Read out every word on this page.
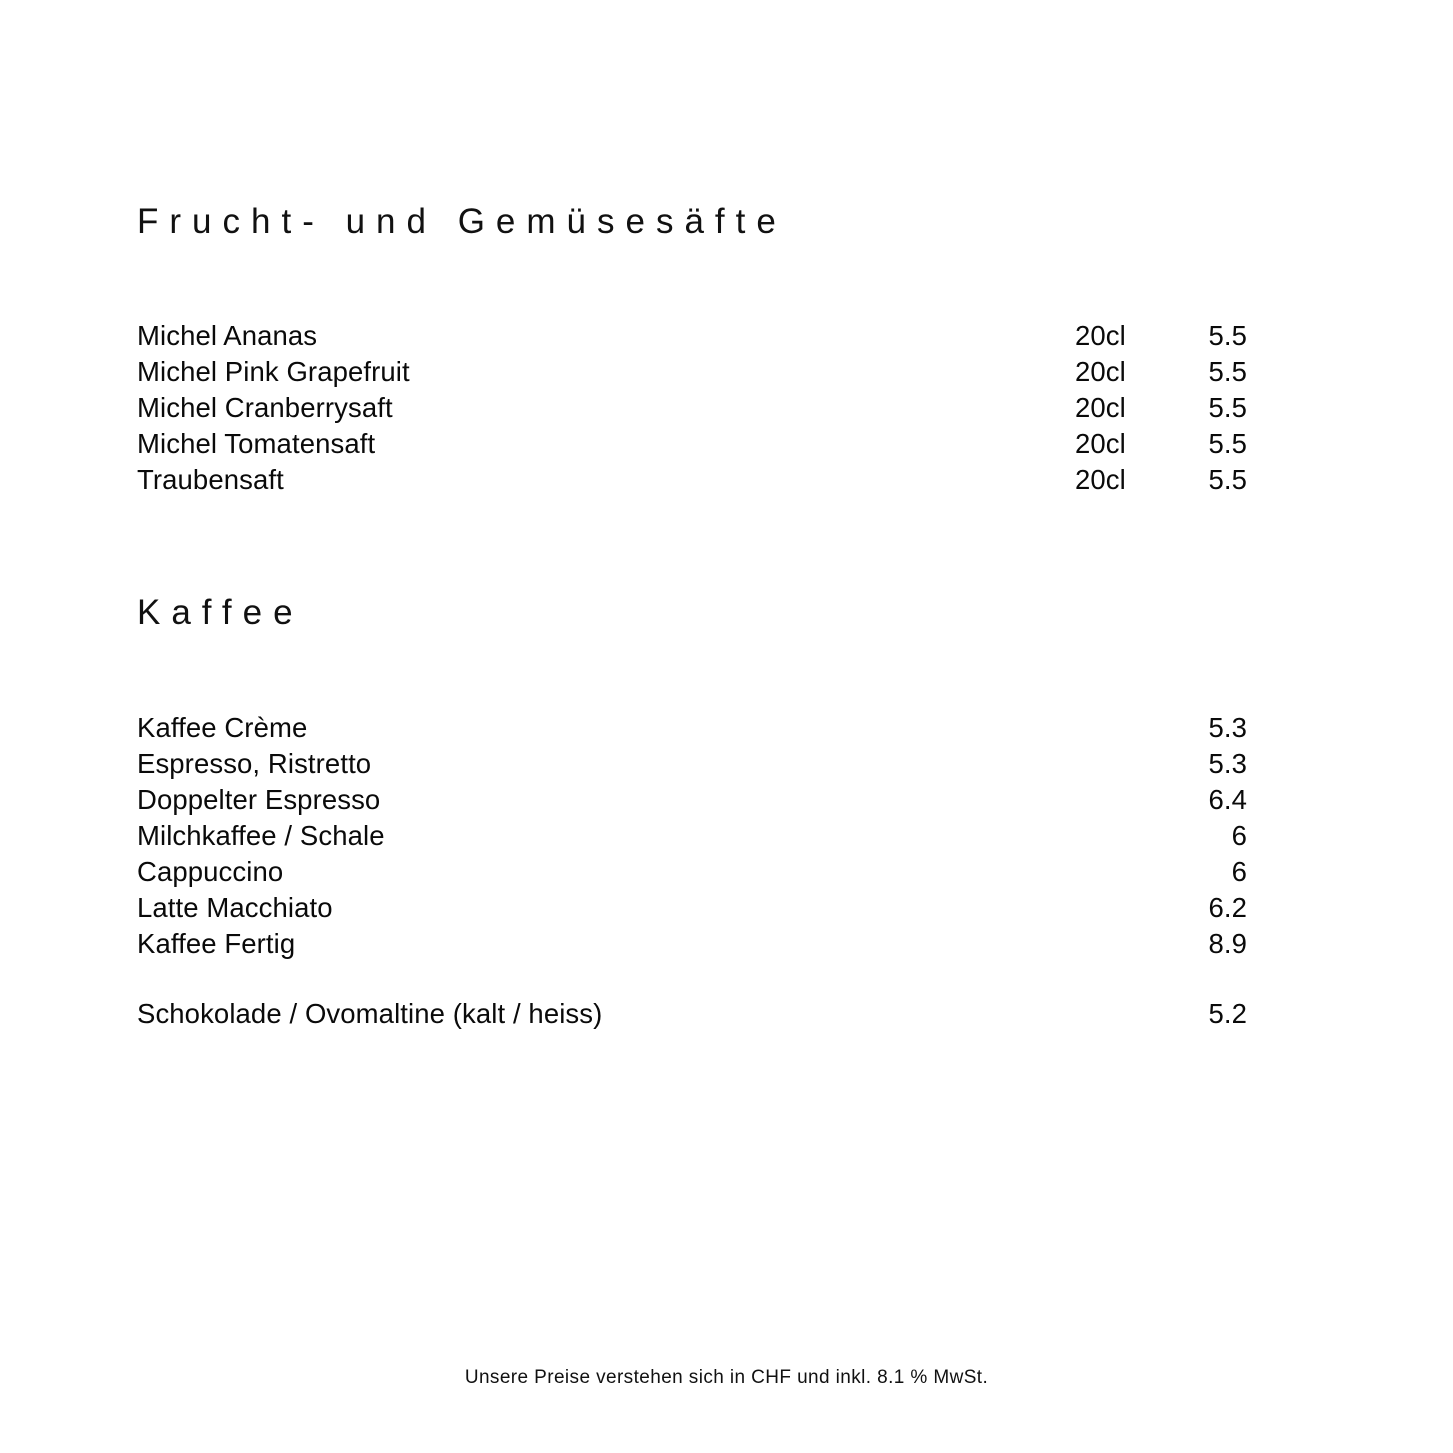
Frucht- und Gemüsesäfte
Michel Ananas	20cl	5.5
Michel Pink Grapefruit	20cl	5.5
Michel Cranberrysaft	20cl	5.5
Michel Tomatensaft	20cl	5.5
Traubensaft	20cl	5.5
Kaffee
Kaffee Crème	5.3
Espresso, Ristretto	5.3
Doppelter Espresso	6.4
Milchkaffee / Schale	6
Cappuccino	6
Latte Macchiato	6.2
Kaffee Fertig	8.9
Schokolade / Ovomaltine (kalt / heiss)	5.2
Unsere Preise verstehen sich in CHF und inkl. 8.1 % MwSt.
